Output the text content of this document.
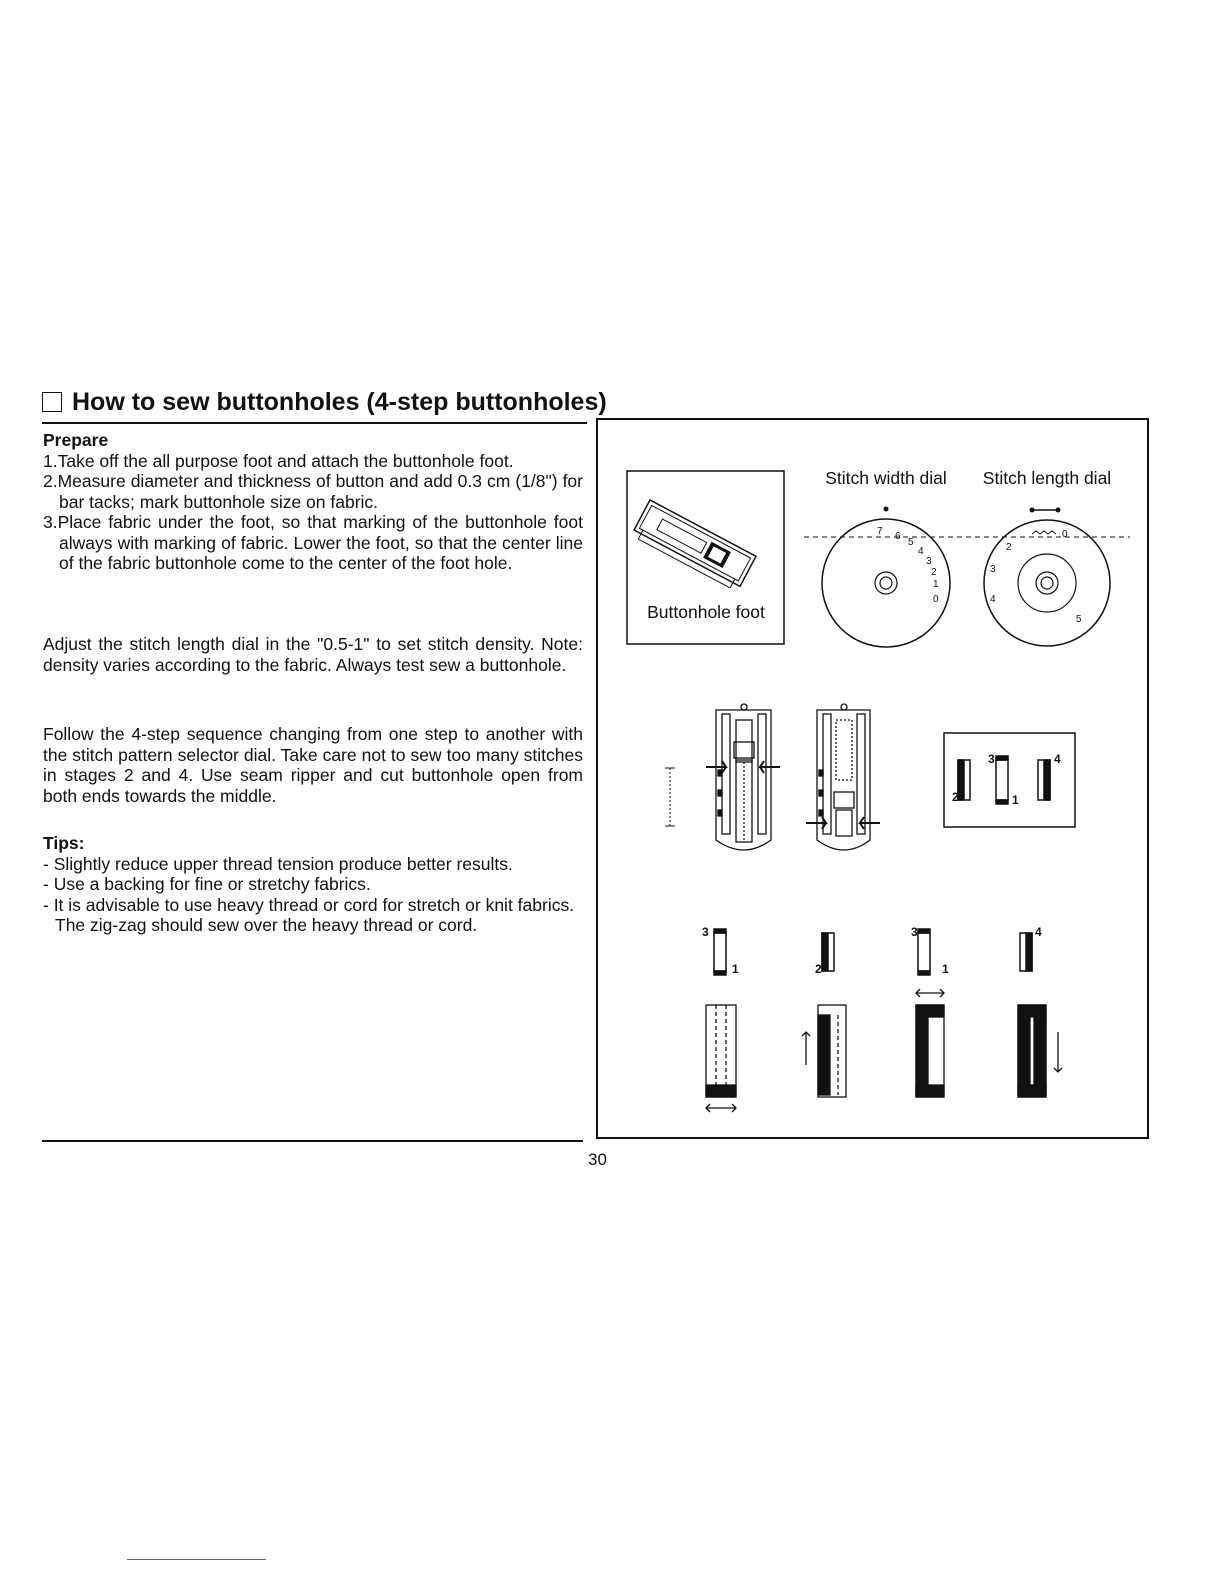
How to sew buttonholes (4-step buttonholes)

Prepare

1.Take off the all purpose foot and attach the buttonhole foot.

2.Measure diameter and thickness of button and add 0.3 cm (1/8") for bar tacks; mark buttonhole size on fabric.

3.Place fabric under the foot, so that marking of the buttonhole foot always with marking of fabric. Lower the foot, so that the center line of the fabric buttonhole come to the center of the foot hole.

Adjust the stitch length dial in the "0.5-1" to set stitch density. Note: density varies according to the fabric. Always test sew a buttonhole.
Follow the 4-step sequence changing from one step to another with the stitch pattern selector dial. Take care not to sew too many stitches in stages 2 and 4. Use seam ripper and cut buttonhole open from both ends towards the middle.

Tips:

- Slightly reduce upper thread tension produce better results.

- Use a backing for fine or stretchy fabrics.

- It is advisable to use heavy thread or cord for stretch or knit fabrics.

The zig-zag should sew over the heavy thread or cord.

30
Buttonhole foot
Stitch width dial Stitch length dial
7 6
5
4
3
2
1
0
0
2
3
4
5
2
3
1
4
3
1	2
3
1
4
